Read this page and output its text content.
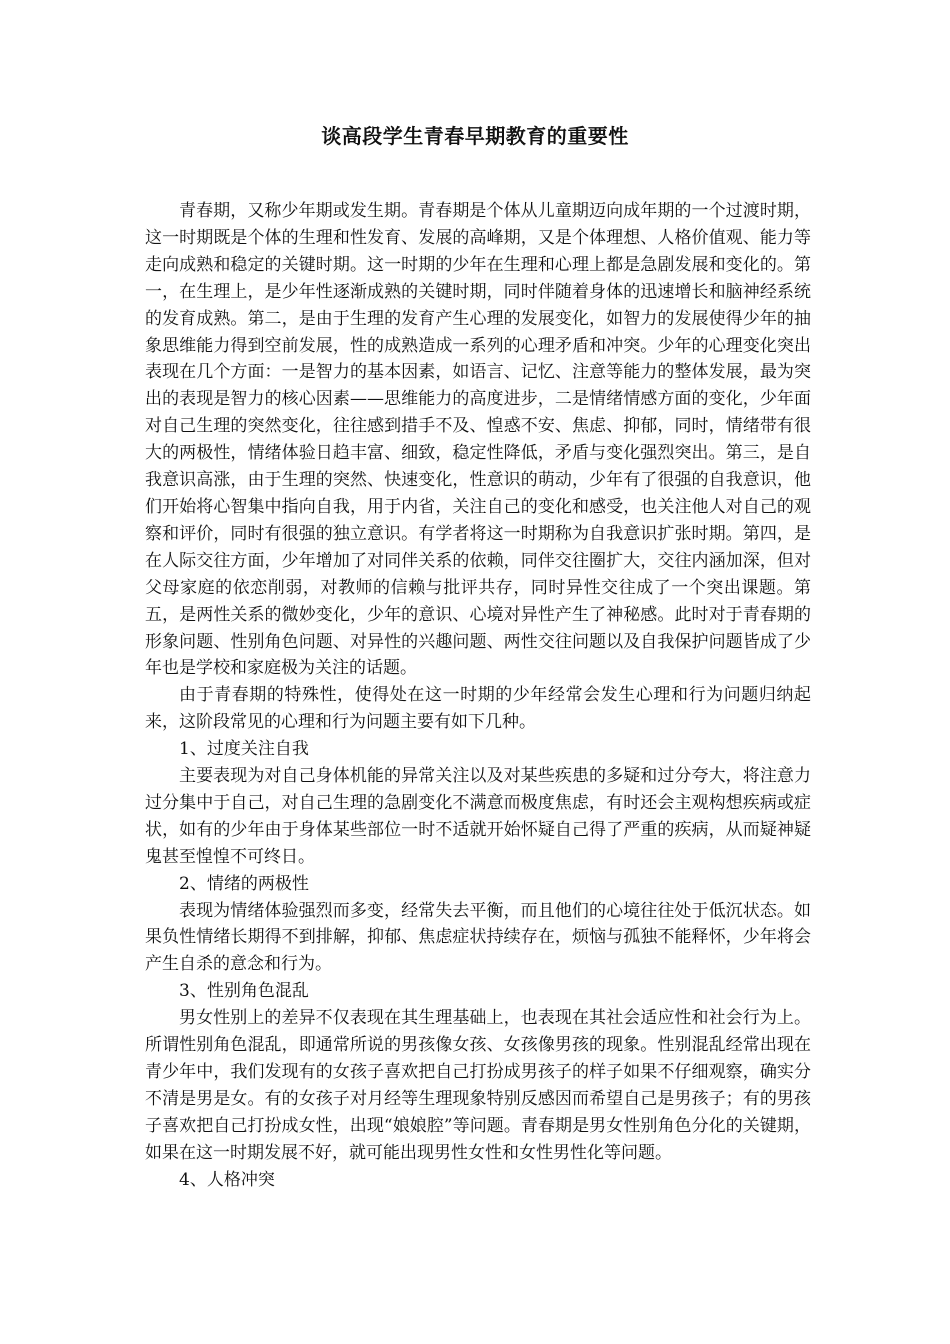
谈高段学生青春早期教育的重要性

青春期，又称少年期或发生期。青春期是个体从儿童期迈向成年期的一个过渡时期，这一时期既是个体的生理和性发育、发展的高峰期，又是个体理想、人格价值观、能力等走向成熟和稳定的关键时期。这一时期的少年在生理和心理上都是急剧发展和变化的。第一，在生理上，是少年性逐渐成熟的关键时期，同时伴随着身体的迅速增长和脑神经系统的发育成熟。第二，是由于生理的发育产生心理的发展变化，如智力的发展使得少年的抽象思维能力得到空前发展，性的成熟造成一系列的心理矛盾和冲突。少年的心理变化突出表现在几个方面：一是智力的基本因素，如语言、记忆、注意等能力的整体发展，最为突出的表现是智力的核心因素——思维能力的高度进步，二是情绪情感方面的变化，少年面对自己生理的突然变化，往往感到措手不及、惶惑不安、焦虑、抑郁，同时，情绪带有很大的两极性，情绪体验日趋丰富、细致，稳定性降低，矛盾与变化强烈突出。第三，是自我意识高涨，由于生理的突然、快速变化，性意识的萌动，少年有了很强的自我意识，他们开始将心智集中指向自我，用于内省，关注自己的变化和感受，也关注他人对自己的观察和评价，同时有很强的独立意识。有学者将这一时期称为自我意识扩张时期。第四，是在人际交往方面，少年增加了对同伴关系的依赖，同伴交往圈扩大，交往内涵加深，但对父母家庭的依恋削弱，对教师的信赖与批评共存，同时异性交往成了一个突出课题。第五，是两性关系的微妙变化，少年的意识、心境对异性产生了神秘感。此时对于青春期的形象问题、性别角色问题、对异性的兴趣问题、两性交往问题以及自我保护问题皆成了少年也是学校和家庭极为关注的话题。

由于青春期的特殊性，使得处在这一时期的少年经常会发生心理和行为问题归纳起来，这阶段常见的心理和行为问题主要有如下几种。

1、过度关注自我

主要表现为对自己身体机能的异常关注以及对某些疾患的多疑和过分夸大，将注意力过分集中于自己，对自己生理的急剧变化不满意而极度焦虑，有时还会主观构想疾病或症状，如有的少年由于身体某些部位一时不适就开始怀疑自己得了严重的疾病，从而疑神疑鬼甚至惶惶不可终日。

2、情绪的两极性

表现为情绪体验强烈而多变，经常失去平衡，而且他们的心境往往处于低沉状态。如果负性情绪长期得不到排解，抑郁、焦虑症状持续存在，烦恼与孤独不能释怀，少年将会产生自杀的意念和行为。

3、性别角色混乱

男女性别上的差异不仅表现在其生理基础上，也表现在其社会适应性和社会行为上。所谓性别角色混乱，即通常所说的男孩像女孩、女孩像男孩的现象。性别混乱经常出现在青少年中，我们发现有的女孩子喜欢把自己打扮成男孩子的样子如果不仔细观察，确实分不清是男是女。有的女孩子对月经等生理现象特别反感因而希望自己是男孩子；有的男孩子喜欢把自己打扮成女性，出现“娘娘腔”等问题。青春期是男女性别角色分化的关键期，如果在这一时期发展不好，就可能出现男性女性和女性男性化等问题。

4、人格冲突
